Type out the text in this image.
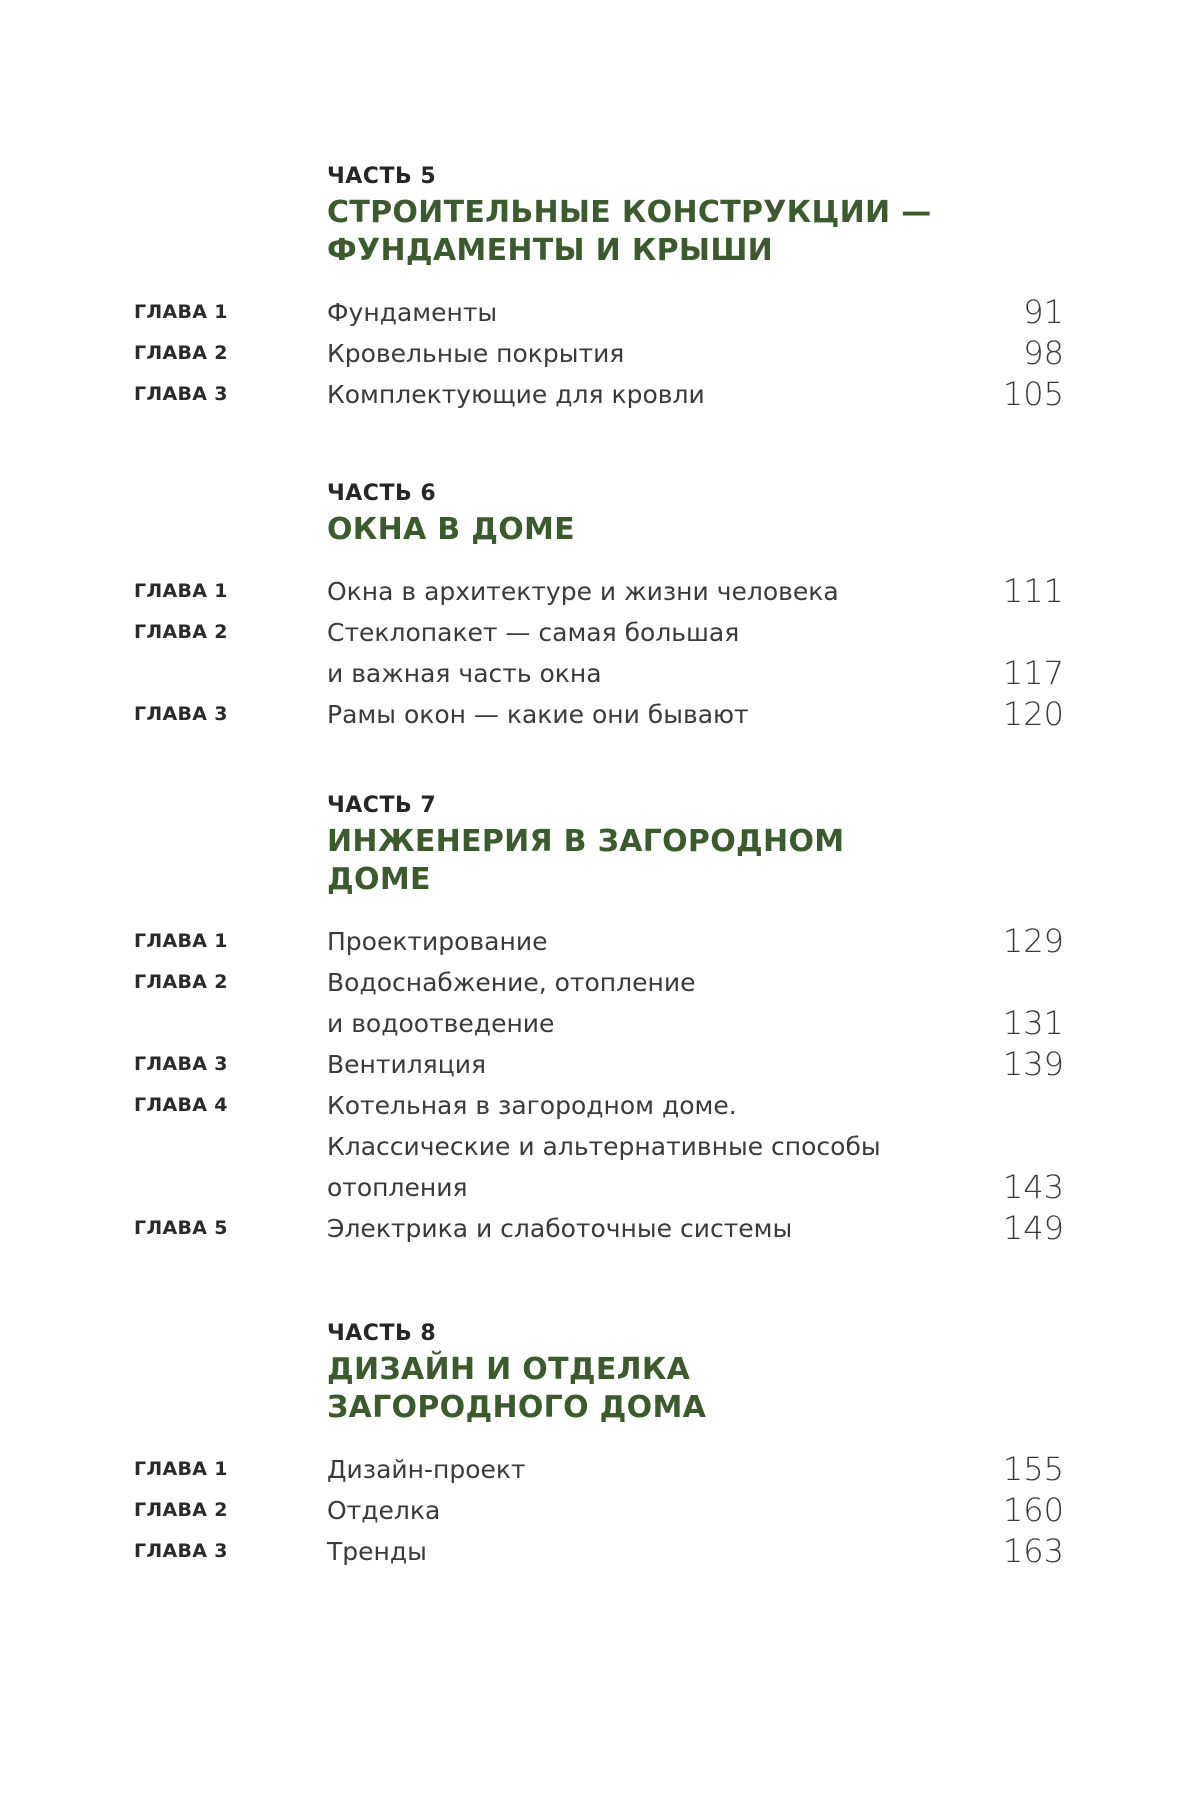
ЧАСТЬ 5
СТРОИТЕЛЬНЫЕ КОНСТРУКЦИИ —
ФУНДАМЕНТЫ И КРЫШИ
ГЛАВА 1	Фундаменты	91
ГЛАВА 2	Кровельные покрытия	98
ГЛАВА 3	Комплектующие для кровли	105
ЧАСТЬ 6
ОКНА В ДОМЕ
ГЛАВА 1	Окна в архитектуре и жизни человека	111
ГЛАВА 2	Стеклопакет — самая большая
и важная часть окна	117
ГЛАВА 3	Рамы окон — какие они бывают	120
ЧАСТЬ 7
ИНЖЕНЕРИЯ В ЗАГОРОДНОМ
ДОМЕ
ГЛАВА 1	Проектирование	129
ГЛАВА 2	Водоснабжение, отопление
и водоотведение	131
ГЛАВА 3	Вентиляция	139
ГЛАВА 4	Котельная в загородном доме.
Классические и альтернативные способы
отопления	143
ГЛАВА 5	Электрика и слаботочные системы	149
ЧАСТЬ 8
ДИЗАЙН И ОТДЕЛКА
ЗАГОРОДНОГО ДОМА
ГЛАВА 1	Дизайн-проект	155
ГЛАВА 2	Отделка	160
ГЛАВА 3	Тренды	163
